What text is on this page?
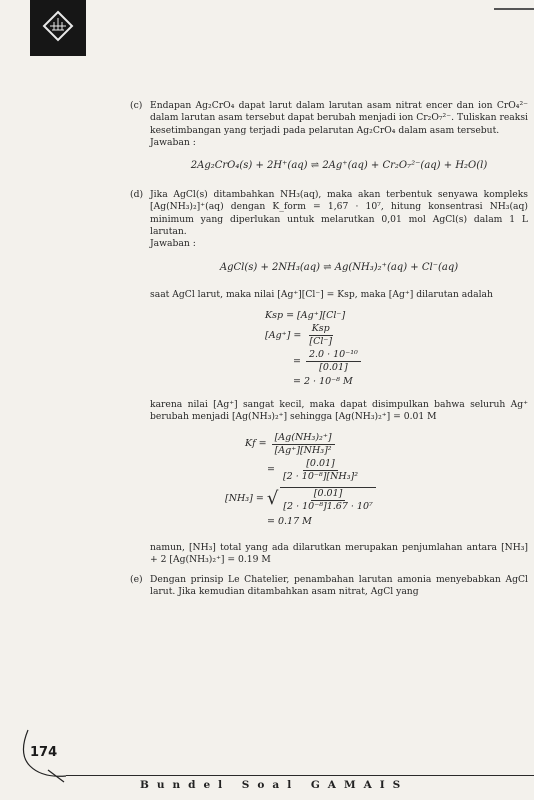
(c) Endapan Ag₂CrO₄ dapat larut dalam larutan asam nitrat encer dan ion CrO₄²⁻ dalam larutan asam tersebut dapat berubah menjadi ion Cr₂O₇²⁻. Tuliskan reaksi kesetimbangan yang terjadi pada pelarutan Ag₂CrO₄ dalam asam tersebut.

Jawaban :

2Ag₂CrO₄(s) + 2H⁺(aq) ⇌ 2Ag⁺(aq) + Cr₂O₇²⁻(aq) + H₂O(l)
(d) Jika AgCl(s) ditambahkan NH₃(aq), maka akan terbentuk senyawa kompleks [Ag(NH₃)₂]⁺(aq) dengan K_form = 1,67 · 10⁷, hitung konsentrasi NH₃(aq) minimum yang diperlukan untuk melarutkan 0,01 mol AgCl(s) dalam 1 L larutan.

Jawaban :

AgCl(s) + 2NH₃(aq) ⇌ Ag(NH₃)₂⁺(aq) + Cl⁻(aq)

saat AgCl larut, maka nilai [Ag⁺][Cl⁻] = Ksp, maka [Ag⁺] dilarutan adalah

Ksp = [Ag⁺][Cl⁻]
[Ag⁺] =
Ksp
[Cl⁻]
= $\frac{\text{2.0 · 10⁻¹⁰}}{[0.01]}$
= 2 · 10⁻⁸ M

karena nilai [Ag⁺] sangat kecil, maka dapat disimpulkan bahwa seluruh Ag⁺ berubah menjadi [Ag(NH₃)₂⁺] sehingga [Ag(NH₃)₂⁺] = 0.01 M

$Kf = \frac{\text{[Ag(NH₃)₂⁺]}}{\text{[Ag⁺][NH₃]²}}$
= $\frac{[0.01]}{\text{[2 · 10⁻⁸][NH₃]²}}$
[NH₃] = √	[0.01]
[2 · 10⁻⁸]1.67 · 10⁷
= 0.17 M

namun, [NH₃] total yang ada dilarutkan merupakan penjumlahan antara [NH₃] + 2 [Ag(NH₃)₂⁺] = 0.19 M

(e) Dengan prinsip Le Chatelier, penambahan larutan amonia menyebabkan AgCl larut. Jika kemudian ditambahkan asam nitrat, AgCl yang

174
Bundel Soal GAMAIS
